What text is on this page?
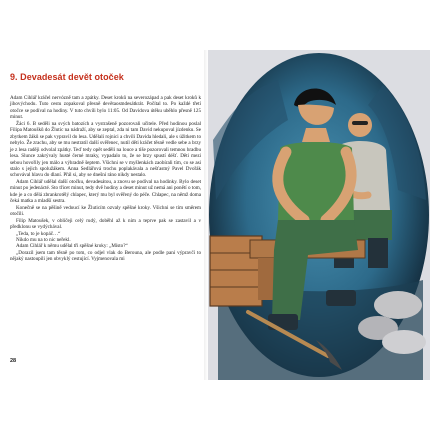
9. Devadesát devět otoček

Adam Cihlář kráčel nervózně tam a zpátky. Deset kroků na severozápad a pak deset kroků k jihovýchodu. Tuto cestu zopakoval přesně devětaosmdesátkrát. Počítal to. Po každé třetí otočce se podíval na hodiny. V tuto chvíli bylo 11:05. Od Davidova útěku uběhlo přesně 125 minut.

Žáci 6. B seděli na svých batozích a vystrašeně pozorovali učitele. Před hodinou poslal Filipa Matoušků do Žlutic na nádraží, aby se zeptal, zda ni tam David nekupoval jízdenku. Se zbytkem žáků se pak vypravil do lesa. Udělali rojnici a chvíli Davida hledali, ale s úžitkem to nebylo. Že zrachu, aby se mu nestratil další svěřenec, nutil děti kráčet těsně vedle sebe a brzy je z lesa raději odvolal zpátky. Teď tedy opět seděli na louce a tiše pozorovali temnou hradbu lesa. Slunce zakrývaly husté černé mraky, vypadalo to, že se brzy spustí déšť. Děti mezi sebou hovořily jen málo a výhradně šeptem. Všichni se v myšlenkách zaobírali tím, co se asi stalo s jejich spolužákem. Anna Sedlářová trochu poplakávala a nešťastný Pavel Dvořák schovával hlavu do dlaní. Přál si, aby se dnešní ráno nikdy nestalo.

Adam Cihlář udělal další otočku, devadesátou, a znovu se podíval na hodinky. Bylo deset minut po jedenácté. Sto třicet minut, tedy dvě hodiny a deset minut už nemá ani ponětí o tom, kde je a co dělá zbrankrotělý chlapec, který mu byl svěřený do péče. Chlapec, na němž doma čeká matka a mladší sestra.

Konečně se na pěšině vedoucí ke Žluticím ozvaly spěšné kroky. Všichni se tím směrem otočili.

Filip Matoušek, v obličeji celý rudý, doběhl až k nim a teprve pak se zastavil a v předklonu se vydýchával.

„Teda, to je kopáč…“

Nikdo mu na to nic neřekl.

Adam Cihlář k němu udělal tři spěšné kroky: „Místo?“

„Dorazil jsem tam těsně po tom, co odjel vlak do Berouna, ale podle paní výpravčí to nějaký nastoupili jen obvyklý cestující. Vyjmenovala mi

28
